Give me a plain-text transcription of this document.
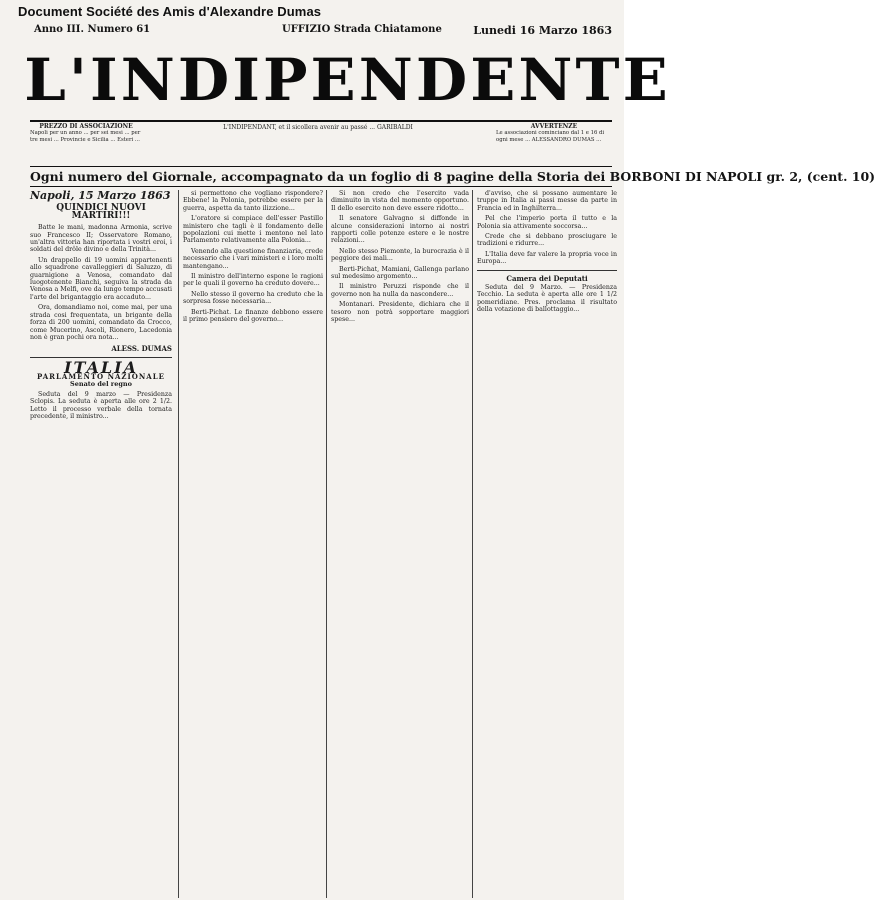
Document Société des Amis d'Alexandre Dumas
Anno III. Numero 61	UFFIZIO Strada Chiatamone	Lunedi 16 Marzo 1863
L'INDIPENDENTE
PREZZO DI ASSOCIAZIONE
Napoli per un anno ... per sei mesi ... per tre mesi ... Provincie e Sicilia ... Esteri ...
L'INDIPENDANT, et il sicollera avenir au passé ... GARIBALDI	AVVERTENZE
Le associazioni cominciano dal 1 e 16 di ogni mese ... ALESSANDRO DUMAS ...
Ogni numero del Giornale, accompagnato da un foglio di 8 pagine della Storia dei BORBONI DI NAPOLI gr. 2, (cent. 10)
Napoli, 15 Marzo 1863
QUINDICI NUOVI MARTIRI!!!

Batte le mani, madonna Armonia, scrive suo Francesco II; Osservatore Romano, un'altra vittoria han riportata i vostri eroi, i soldati del drôle divino e della Trinità...

Un drappello di 19 uomini appartenenti allo squadrone cavalleggieri di Saluzzo, di guarnigione a Venosa, comandato dal luogotenente Bianchi, seguiva la strada da Venosa a Melfi, ove da lungo tempo accusati l'arte del brigantaggio era accaduto...

Ora, domandiamo noi, come mai, per una strada cosi frequentata, un brigante della forza di 200 uomini, comandato da Crocco, come Mucerino, Ascoli, Rionero, Lacedonia non è gran pochi ora nota...

ALESS. DUMAS
ITALIA
PARLAMENTO NAZIONALE
Senato del regno

Seduta del 9 marzo — Presidenza Sclopis. La seduta è aperta alle ore 2 1/2. Letto il processo verbale della tornata precedente, il ministro...

si permettono che vogliano rispondere? Ebbene! la Polonia, potrebbe essere per la guerra, aspetta da tanto ilizzione...

L'oratore si compiace dell'esser Pastillo ministero che tagli è il fondamento delle popolazioni cui mette i mentono nel lato Parlamento relativamente alla Polonia...

Venendo alla questione finanziaria, crede necessario che i vari ministeri e i loro molti mantengano...

Il ministro dell'interno espone le ragioni per le quali il governo ha creduto dovere...

Nello stesso il governo ha creduto che la sorpresa fosse necessaria...

Berti-Pichat. Le finanze debbono essere il primo pensiero del governo...

Si non credo che l'esercito vada diminuito in vista del momento opportuno. Il dello esercito non deve essere ridotto...

Il senatore Galvagno si diffonde in alcune considerazioni intorno ai nostri rapporti colle potenze estere e le nostre relazioni...

Nello stesso Piemonte, la burocrazia è il peggiore dei mali...

Berti-Pichat, Mamiani, Gallenga parlano sul medesimo argomento...

Il ministro Peruzzi risponde che il governo non ha nulla da nascondere...

Montanari. Presidente, dichiara che il tesoro non potrà sopportare maggiori spese...

d'avviso, che si possano aumentare le truppe in Italia ai passi messe da parte in Francia ed in Inghilterra...

Pel che l'imperio porta il tutto e la Polonia sia attivamente soccorsa...

Crede che si debbano prosciugare le tradizioni e ridurre...

L'Italia deve far valere la propria voce in Europa...

Camera dei Deputati

Seduta del 9 Marzo. — Presidenza Tecchio. La seduta è aperta alle ore 1 1/2 pomeridiane. Pres. proclama il risultato della votazione di ballottaggio...
